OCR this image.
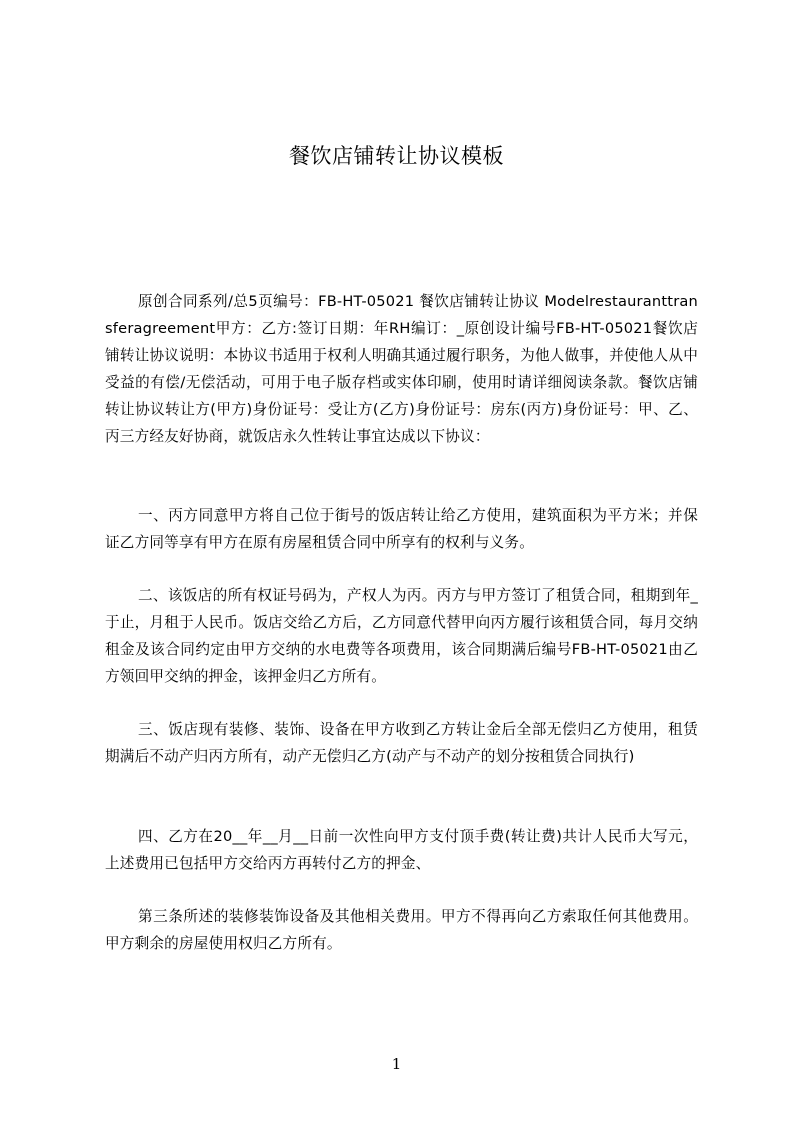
餐饮店铺转让协议模板

原创合同系列/总5页编号：FB-HT-05021 餐饮店铺转让协议 Modelrestauranttransferagreement甲方：乙方:签订日期：年RH编订：_原创设计编号FB-HT-05021餐饮店铺转让协议说明：本协议书适用于权利人明确其通过履行职务，为他人做事，并使他人从中受益的有偿/无偿活动，可用于电子版存档或实体印刷，使用时请详细阅读条款。餐饮店铺转让协议转让方(甲方)身份证号：受让方(乙方)身份证号：房东(丙方)身份证号：甲、乙、丙三方经友好协商，就饭店永久性转让事宜达成以下协议：

一、丙方同意甲方将自己位于街号的饭店转让给乙方使用，建筑面积为平方米；并保证乙方同等享有甲方在原有房屋租赁合同中所享有的权利与义务。

二、该饭店的所有权证号码为，产权人为丙。丙方与甲方签订了租赁合同，租期到年_于止，月租于人民币。饭店交给乙方后，乙方同意代替甲向丙方履行该租赁合同，每月交纳租金及该合同约定由甲方交纳的水电费等各项费用，该合同期满后编号FB-HT-05021由乙方领回甲交纳的押金，该押金归乙方所有。

三、饭店现有装修、装饰、设备在甲方收到乙方转让金后全部无偿归乙方使用，租赁期满后不动产归丙方所有，动产无偿归乙方(动产与不动产的划分按租赁合同执行)

四、乙方在20__年__月__日前一次性向甲方支付顶手费(转让费)共计人民币大写元，上述费用已包括甲方交给丙方再转付乙方的押金、

第三条所述的装修装饰设备及其他相关费用。甲方不得再向乙方索取任何其他费用。甲方剩余的房屋使用权归乙方所有。

1
